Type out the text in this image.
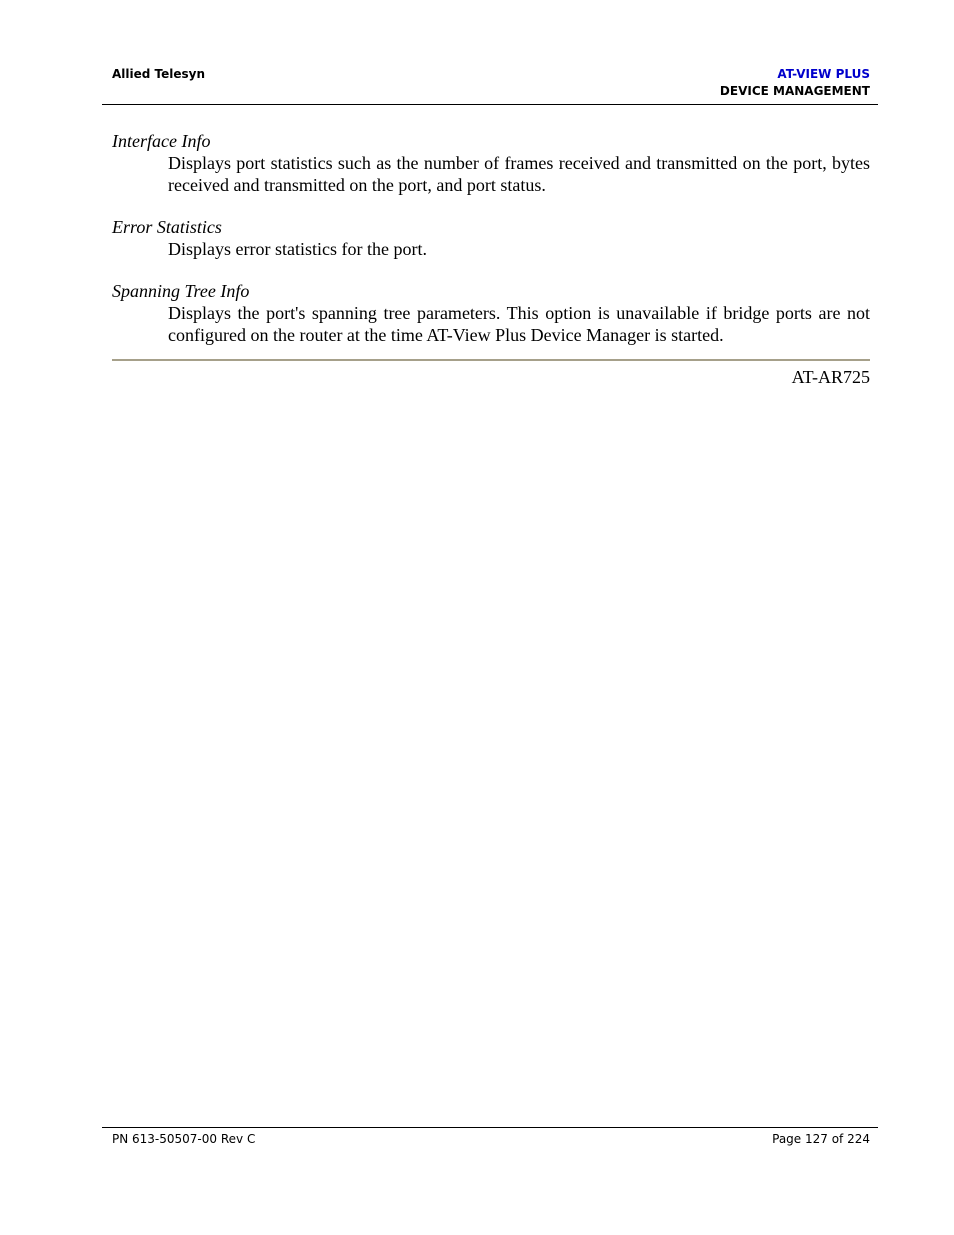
Allied Telesyn	AT-VIEW PLUS
DEVICE MANAGEMENT

Interface Info

Displays port statistics such as the number of frames received and transmitted on the port, bytes received and transmitted on the port, and port status.

Error Statistics

Displays error statistics for the port.

Spanning Tree Info

Displays the port's spanning tree parameters. This option is unavailable if bridge ports are not configured on the router at the time AT-View Plus Device Manager is started.

AT-AR725
PN 613-50507-00 Rev C	Page 127 of 224
